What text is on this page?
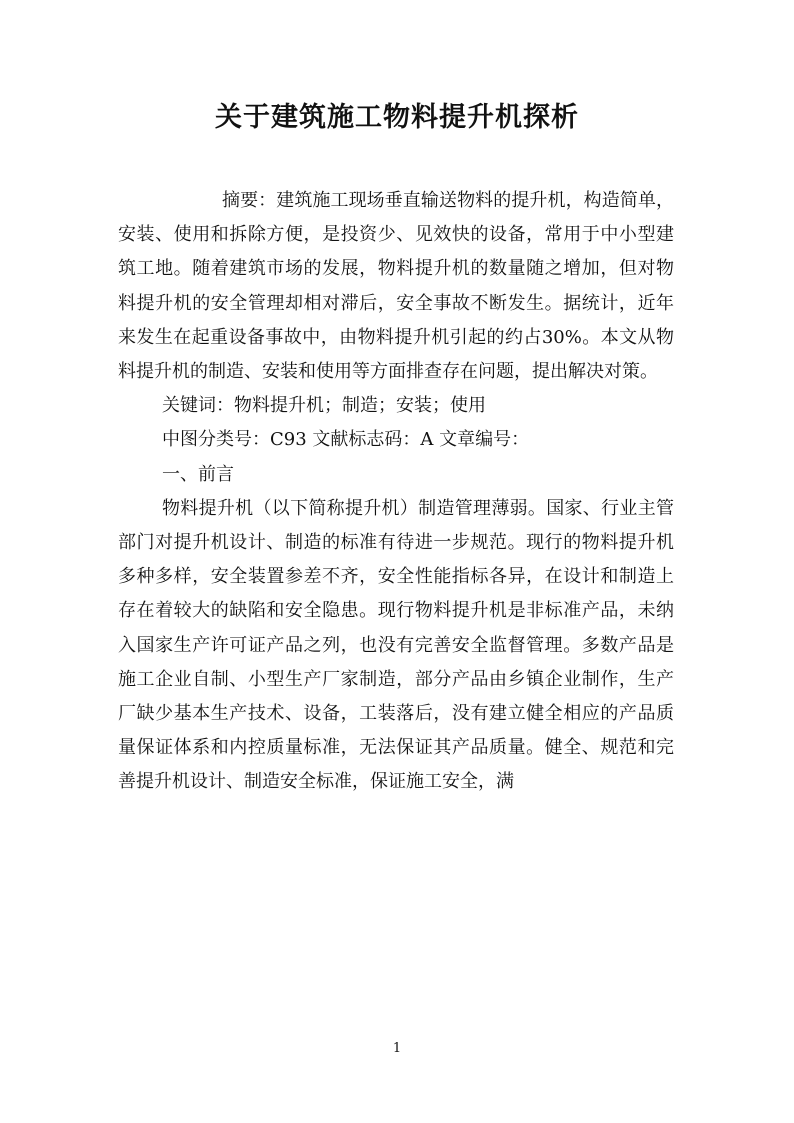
关于建筑施工物料提升机探析

摘要：建筑施工现场垂直输送物料的提升机，构造简单，安装、使用和拆除方便，是投资少、见效快的设备，常用于中小型建筑工地。随着建筑市场的发展，物料提升机的数量随之增加，但对物料提升机的安全管理却相对滞后，安全事故不断发生。据统计，近年来发生在起重设备事故中，由物料提升机引起的约占30%。本文从物料提升机的制造、安装和使用等方面排查存在问题，提出解决对策。

关键词：物料提升机；制造；安装；使用

中图分类号：C93 文献标志码：A 文章编号：

一、前言

物料提升机（以下简称提升机）制造管理薄弱。国家、行业主管部门对提升机设计、制造的标准有待进一步规范。现行的物料提升机多种多样，安全装置参差不齐，安全性能指标各异，在设计和制造上存在着较大的缺陷和安全隐患。现行物料提升机是非标准产品，未纳入国家生产许可证产品之列，也没有完善安全监督管理。多数产品是施工企业自制、小型生产厂家制造，部分产品由乡镇企业制作，生产厂缺少基本生产技术、设备，工装落后，没有建立健全相应的产品质量保证体系和内控质量标准，无法保证其产品质量。健全、规范和完善提升机设计、制造安全标准，保证施工安全，满

1
